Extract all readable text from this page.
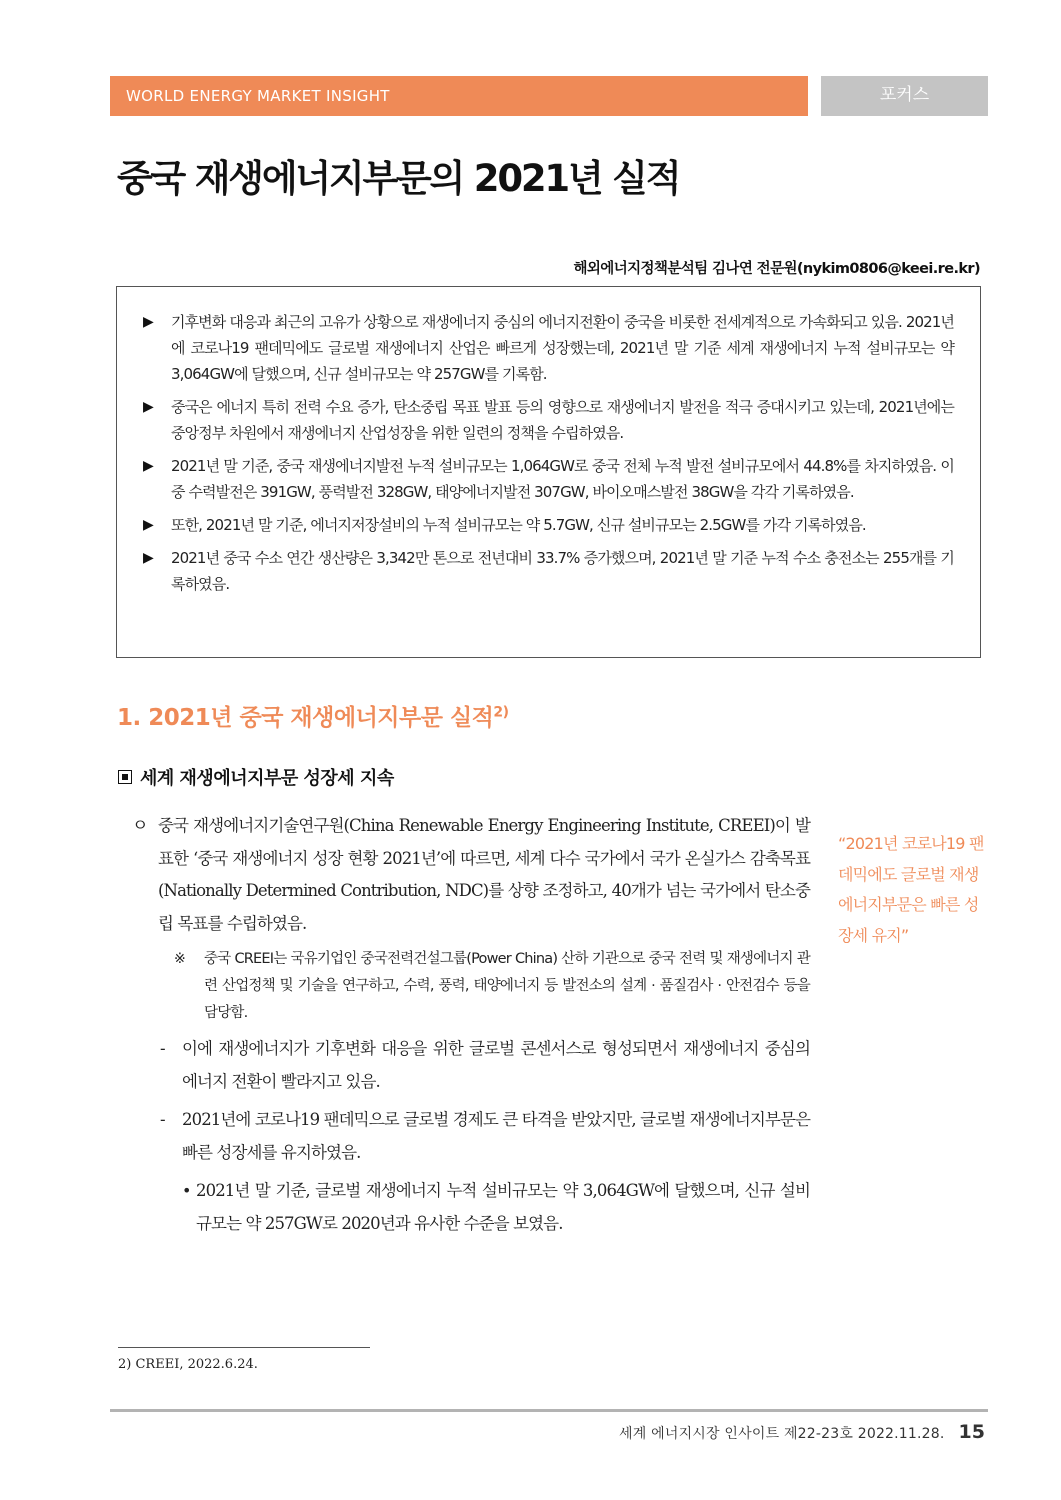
WORLD ENERGY MARKET INSIGHT	포커스
중국 재생에너지부문의 2021년 실적
해외에너지정책분석팀 김나연 전문원(nykim0806@keei.re.kr)
▶	기후변화 대응과 최근의 고유가 상황으로 재생에너지 중심의 에너지전환이 중국을 비롯한 전세계적으로 가속화되고 있음. 2021년에 코로나19 팬데믹에도 글로벌 재생에너지 산업은 빠르게 성장했는데, 2021년 말 기준 세계 재생에너지 누적 설비규모는 약 3,064GW에 달했으며, 신규 설비규모는 약 257GW를 기록함.
▶	중국은 에너지 특히 전력 수요 증가, 탄소중립 목표 발표 등의 영향으로 재생에너지 발전을 적극 증대시키고 있는데, 2021년에는 중앙정부 차원에서 재생에너지 산업성장을 위한 일련의 정책을 수립하였음.
▶	2021년 말 기준, 중국 재생에너지발전 누적 설비규모는 1,064GW로 중국 전체 누적 발전 설비규모에서 44.8%를 차지하였음. 이 중 수력발전은 391GW, 풍력발전 328GW, 태양에너지발전 307GW, 바이오매스발전 38GW을 각각 기록하였음.
▶	또한, 2021년 말 기준, 에너지저장설비의 누적 설비규모는 약 5.7GW, 신규 설비규모는 2.5GW를 가각 기록하였음.
▶	2021년 중국 수소 연간 생산량은 3,342만 톤으로 전년대비 33.7% 증가했으며, 2021년 말 기준 누적 수소 충전소는 255개를 기록하였음.
1. 2021년 중국 재생에너지부문 실적$^{2)}$
세계 재생에너지부문 성장세 지속
ㅇ 중국 재생에너지기술연구원(China Renewable Energy Engineering Institute, CREEI)이 발표한 ‘중국 재생에너지 성장 현황 2021년’에 따르면, 세계 다수 국가에서 국가 온실가스 감축목표(Nationally Determined Contribution, NDC)를 상향 조정하고, 40개가 넘는 국가에서 탄소중립 목표를 수립하였음.
※	중국 CREEI는 국유기업인 중국전력건설그룹(Power China) 산하 기관으로 중국 전력 및 재생에너지 관련 산업정책 및 기술을 연구하고, 수력, 풍력, 태양에너지 등 발전소의 설계 · 품질검사 · 안전검수 등을 담당함.
- 이에 재생에너지가 기후변화 대응을 위한 글로벌 콘센서스로 형성되면서 재생에너지 중심의 에너지 전환이 빨라지고 있음.
- 2021년에 코로나19 팬데믹으로 글로벌 경제도 큰 타격을 받았지만, 글로벌 재생에너지부문은 빠른 성장세를 유지하였음.
• 2021년 말 기준, 글로벌 재생에너지 누적 설비규모는 약 3,064GW에 달했으며, 신규 설비규모는 약 257GW로 2020년과 유사한 수준을 보였음.
“2021년 코로나19 팬데믹에도 글로벌 재생에너지부문은 빠른 성장세 유지”
2) CREEI, 2022.6.24.
세계 에너지시장 인사이트 제22-23호 2022.11.28. 15
